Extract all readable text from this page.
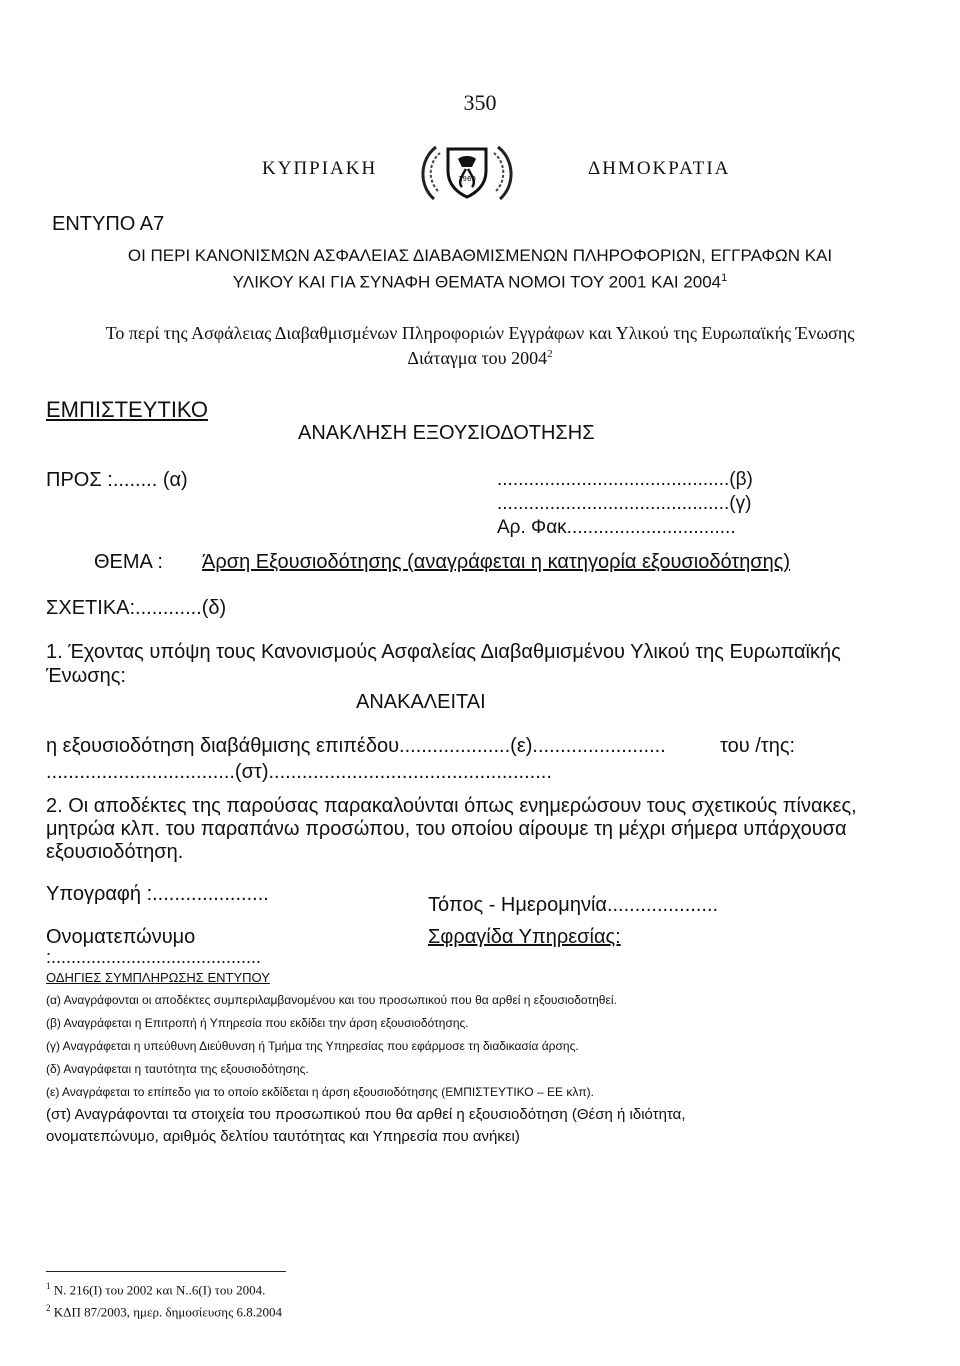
350
ΚΥΠΡΙΑΚΗ	1960	ΔΗΜΟΚΡΑΤΙΑ
ΕΝΤΥΠΟ Α7
ΟΙ ΠΕΡΙ ΚΑΝΟΝΙΣΜΩΝ ΑΣΦΑΛΕΙΑΣ ΔΙΑΒΑΘΜΙΣΜΕΝΩΝ ΠΛΗΡΟΦΟΡΙΩΝ, ΕΓΓΡΑΦΩΝ ΚΑΙ
ΥΛΙΚΟΥ ΚΑΙ ΓΙΑ ΣΥΝΑΦΗ ΘΕΜΑΤΑ ΝΟΜΟΙ ΤΟΥ 2001 ΚΑΙ 2004$^1$
Το περί της Ασφάλειας Διαβαθμισμένων Πληροφοριών Εγγράφων και Υλικού της Ευρωπαϊκής Ένωσης
Διάταγμα του 2004$^2$
ΕΜΠΙΣΤΕΥΤΙΚΟ
ΑΝΑΚΛΗΣΗ ΕΞΟΥΣΙΟΔΟΤΗΣΗΣ
ΠΡΟΣ :........ (α)	............................................(β)
............................................(γ)
Αρ. Φακ................................
ΘΕΜΑ : Άρση Εξουσιοδότησης (αναγράφεται η κατηγορία εξουσιοδότησης)
ΣΧΕΤΙΚΑ:............(δ)
1. Έχοντας υπόψη τους Κανονισμούς Ασφαλείας Διαβαθμισμένου Υλικού της Ευρωπαϊκής
Ένωσης:
ΑΝΑΚΑΛΕΙΤΑΙ
η εξουσιοδότηση διαβάθμισης επιπέδου....................(ε)........................	του /της:
..................................(στ)...................................................
2. Οι αποδέκτες της παρούσας παρακαλούνται όπως ενημερώσουν τους σχετικούς πίνακες,
μητρώα κλπ. του παραπάνω προσώπου, του οποίου αίρουμε τη μέχρι σήμερα υπάρχουσα
εξουσιοδότηση.
Υπογραφή :.....................	Τόπος - Ημερομηνία....................
Ονοματεπώνυμο	Σφραγίδα Υπηρεσίας:
:..........................................
ΟΔΗΓΙΕΣ ΣΥΜΠΛΗΡΩΣΗΣ ΕΝΤΥΠΟΥ
(α) Αναγράφονται οι αποδέκτες συμπεριλαμβανομένου και του προσωπικού που θα αρθεί η εξουσιοδοτηθεί.
(β) Αναγράφεται η Επιτροπή ή Υπηρεσία που εκδίδει την άρση εξουσιοδότησης.
(γ) Αναγράφεται η υπεύθυνη Διεύθυνση ή Τμήμα της Υπηρεσίας που εφάρμοσε τη διαδικασία άρσης.
(δ) Αναγράφεται η ταυτότητα της εξουσιοδότησης.
(ε) Αναγράφεται το επίπεδο για το οποίο εκδίδεται η άρση εξουσιοδότησης (ΕΜΠΙΣΤΕΥΤΙΚΟ – ΕΕ κλπ).
(στ) Αναγράφονται τα στοιχεία του προσωπικού που θα αρθεί η εξουσιοδότηση (Θέση ή ιδιότητα,
ονοματεπώνυμο, αριθμός δελτίου ταυτότητας και Υπηρεσία που ανήκει)
$^1$ Ν. 216(Ι) του 2002 και Ν..6(Ι) του 2004.
$^2$ ΚΔΠ 87/2003, ημερ. δημοσίευσης 6.8.2004
